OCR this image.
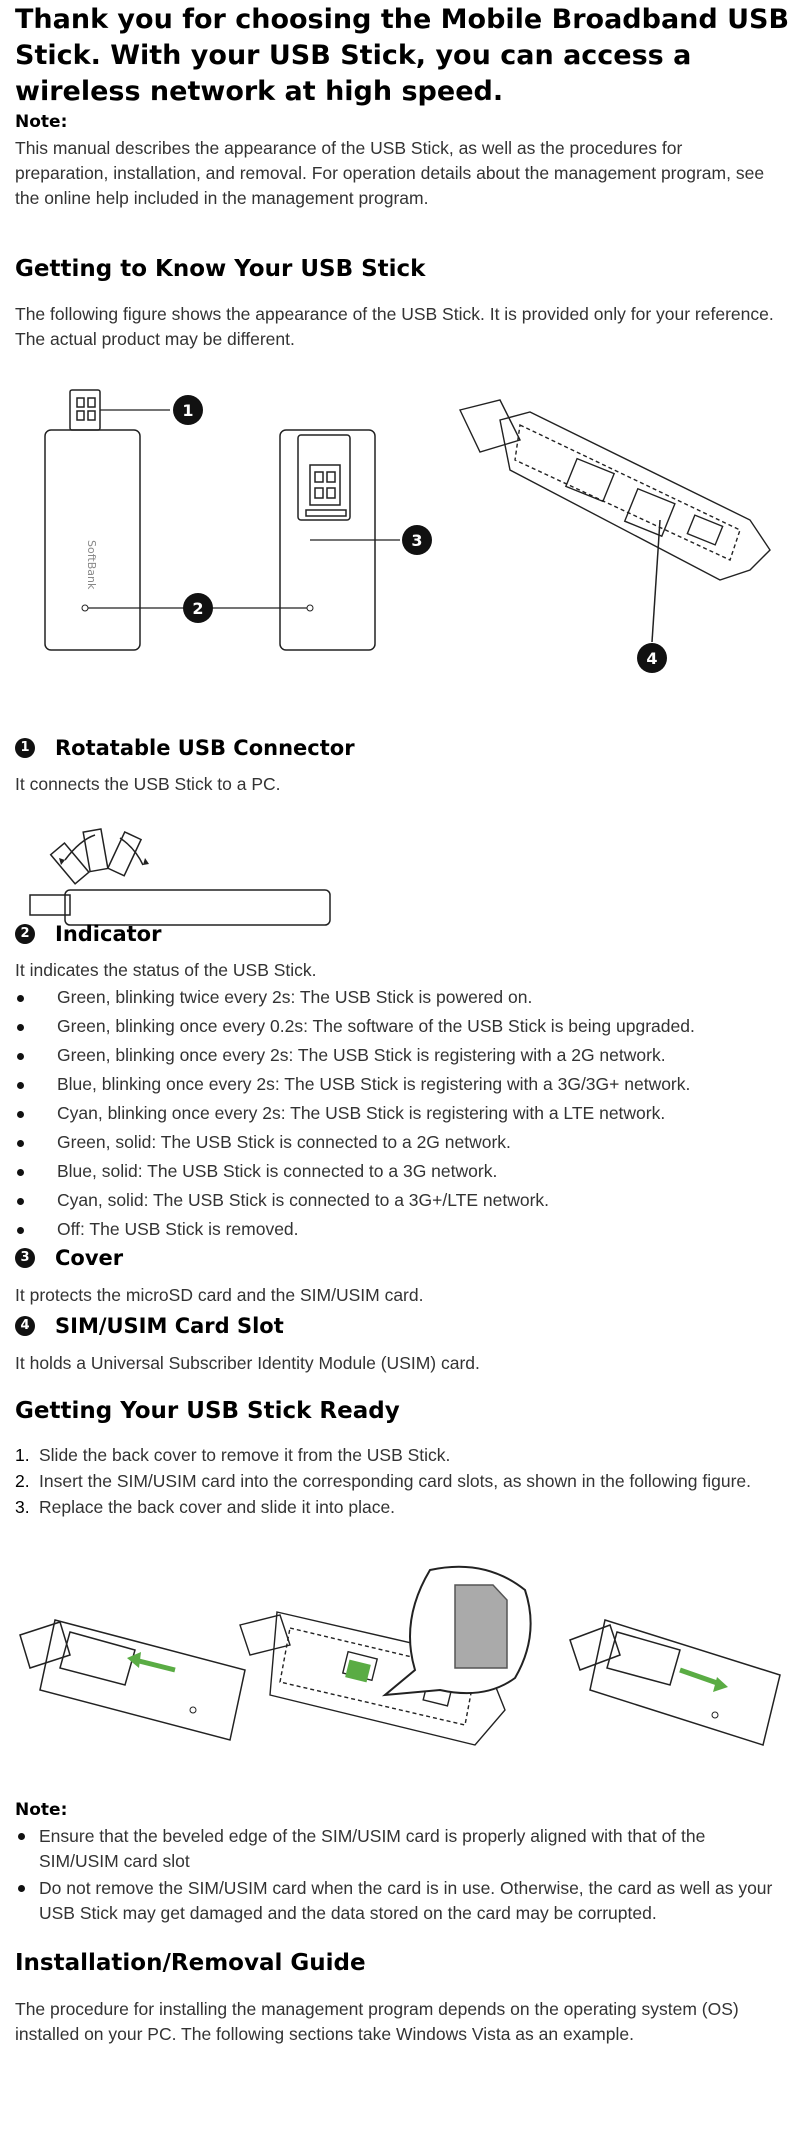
Thank you for choosing the Mobile Broadband USB Stick. With your USB Stick, you can access a wireless network at high speed.
Note:
This manual describes the appearance of the USB Stick, as well as the procedures for preparation, installation, and removal. For operation details about the management program, see the online help included in the management program.
Getting to Know Your USB Stick
The following figure shows the appearance of the USB Stick. It is provided only for your reference. The actual product may be different.
SoftBank
1
2
3
4
1 Rotatable USB Connector
It connects the USB Stick to a PC.
2 Indicator
It indicates the status of the USB Stick.
Green, blinking twice every 2s: The USB Stick is powered on.
Green, blinking once every 0.2s: The software of the USB Stick is being upgraded.
Green, blinking once every 2s: The USB Stick is registering with a 2G network.
Blue, blinking once every 2s: The USB Stick is registering with a 3G/3G+ network.
Cyan, blinking once every 2s: The USB Stick is registering with a LTE network.
Green, solid: The USB Stick is connected to a 2G network.
Blue, solid: The USB Stick is connected to a 3G network.
Cyan, solid: The USB Stick is connected to a 3G+/LTE network.
Off: The USB Stick is removed.
3 Cover
It protects the microSD card and the SIM/USIM card.
4 SIM/USIM Card Slot
It holds a Universal Subscriber Identity Module (USIM) card.
Getting Your USB Stick Ready
1. Slide the back cover to remove it from the USB Stick.
2. Insert the SIM/USIM card into the corresponding card slots, as shown in the following figure.
3. Replace the back cover and slide it into place.
Note:
Ensure that the beveled edge of the SIM/USIM card is properly aligned with that of the SIM/USIM card slot
Do not remove the SIM/USIM card when the card is in use. Otherwise, the card as well as your USB Stick may get damaged and the data stored on the card may be corrupted.
Installation/Removal Guide
The procedure for installing the management program depends on the operating system (OS) installed on your PC. The following sections take Windows Vista as an example.
